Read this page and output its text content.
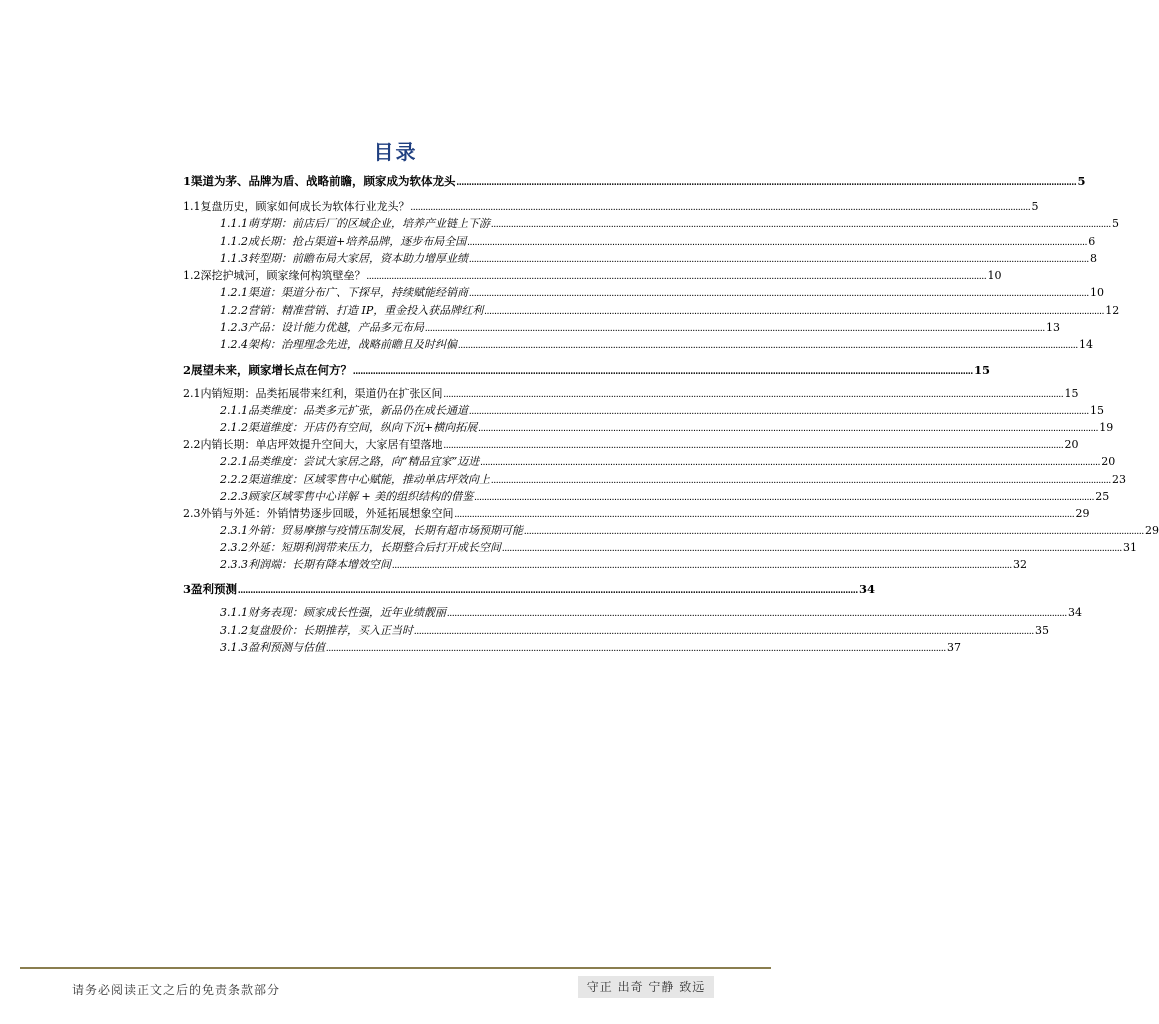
目录
1 渠道为茅、品牌为盾、战略前瞻，顾家成为软体龙头 .....	5
1.1 复盘历史，顾家如何成长为软体行业龙头？ .....	5
1.1.1 萌芽期：前店后厂的区域企业，培养产业链上下游 .....	5
1.1.2 成长期：抢占渠道+培养品牌，逐步布局全国 .....	6
1.1.3 转型期：前瞻布局大家居，资本助力增厚业绩 .....	8
1.2 深挖护城河，顾家缘何构筑壁垒？ .....	10
1.2.1 渠道：渠道分布广、下探早，持续赋能经销商 .....	10
1.2.2 营销：精准营销、打造 IP，重金投入获品牌红利 .....	12
1.2.3 产品：设计能力优越，产品多元布局 .....	13
1.2.4 架构：治理理念先进，战略前瞻且及时纠偏 .....	14
2 展望未来，顾家增长点在何方？ .....	15
2.1 内销短期：品类拓展带来红利，渠道仍在扩张区间 .....	15
2.1.1 品类维度：品类多元扩张，新品仍在成长通道 .....	15
2.1.2 渠道维度：开店仍有空间，纵向下沉+横向拓展 .....	19
2.2 内销长期：单店坪效提升空间大，大家居有望落地 .....	20
2.2.1 品类维度：尝试大家居之路，向“精品宜家”迈进 .....	20
2.2.2 渠道维度：区域零售中心赋能，推动单店坪效向上 .....	23
2.2.3 顾家区域零售中心详解 + 美的组织结构的借鉴 .....	25
2.3 外销与外延：外销情势逐步回暖，外延拓展想象空间 .....	29
2.3.1 外销：贸易摩擦与疫情压制发展，长期有超市场预期可能 .....	29
2.3.2 外延：短期利润带来压力，长期整合后打开成长空间 .....	31
2.3.3 利润端：长期有降本增效空间 .....	32
3 盈利预测 .....	34
3.1.1 财务表现：顾家成长性强，近年业绩靓丽 .....	34
3.1.2 复盘股价：长期推荐，买入正当时 .....	35
3.1.3 盈利预测与估值 .....	37
请务必阅读正文之后的免责条款部分	守正 出奇 宁静 致远
